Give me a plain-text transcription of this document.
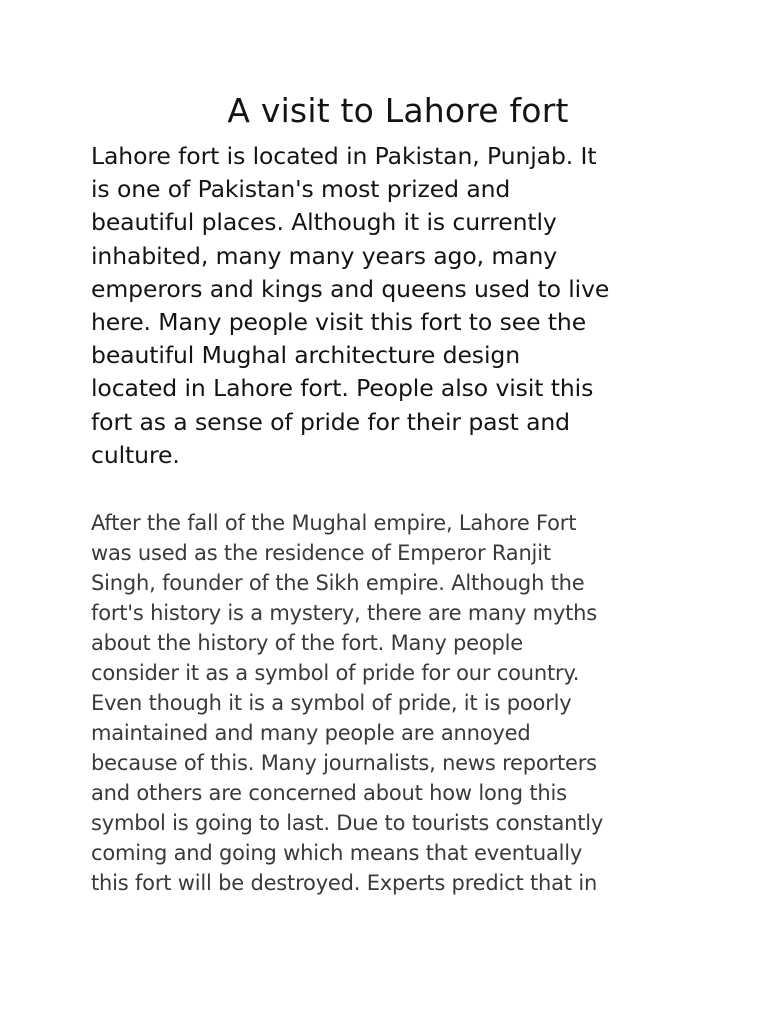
A visit to Lahore fort

Lahore fort is located in Pakistan, Punjab. It
is one of Pakistan's most prized and
beautiful places. Although it is currently
inhabited, many many years ago, many
emperors and kings and queens used to live
here. Many people visit this fort to see the
beautiful Mughal architecture design
located in Lahore fort. People also visit this
fort as a sense of pride for their past and
culture.

After the fall of the Mughal empire, Lahore Fort
was used as the residence of Emperor Ranjit
Singh, founder of the Sikh empire. Although the
fort's history is a mystery, there are many myths
about the history of the fort. Many people
consider it as a symbol of pride for our country.
Even though it is a symbol of pride, it is poorly
maintained and many people are annoyed
because of this. Many journalists, news reporters
and others are concerned about how long this
symbol is going to last. Due to tourists constantly
coming and going which means that eventually
this fort will be destroyed. Experts predict that in
